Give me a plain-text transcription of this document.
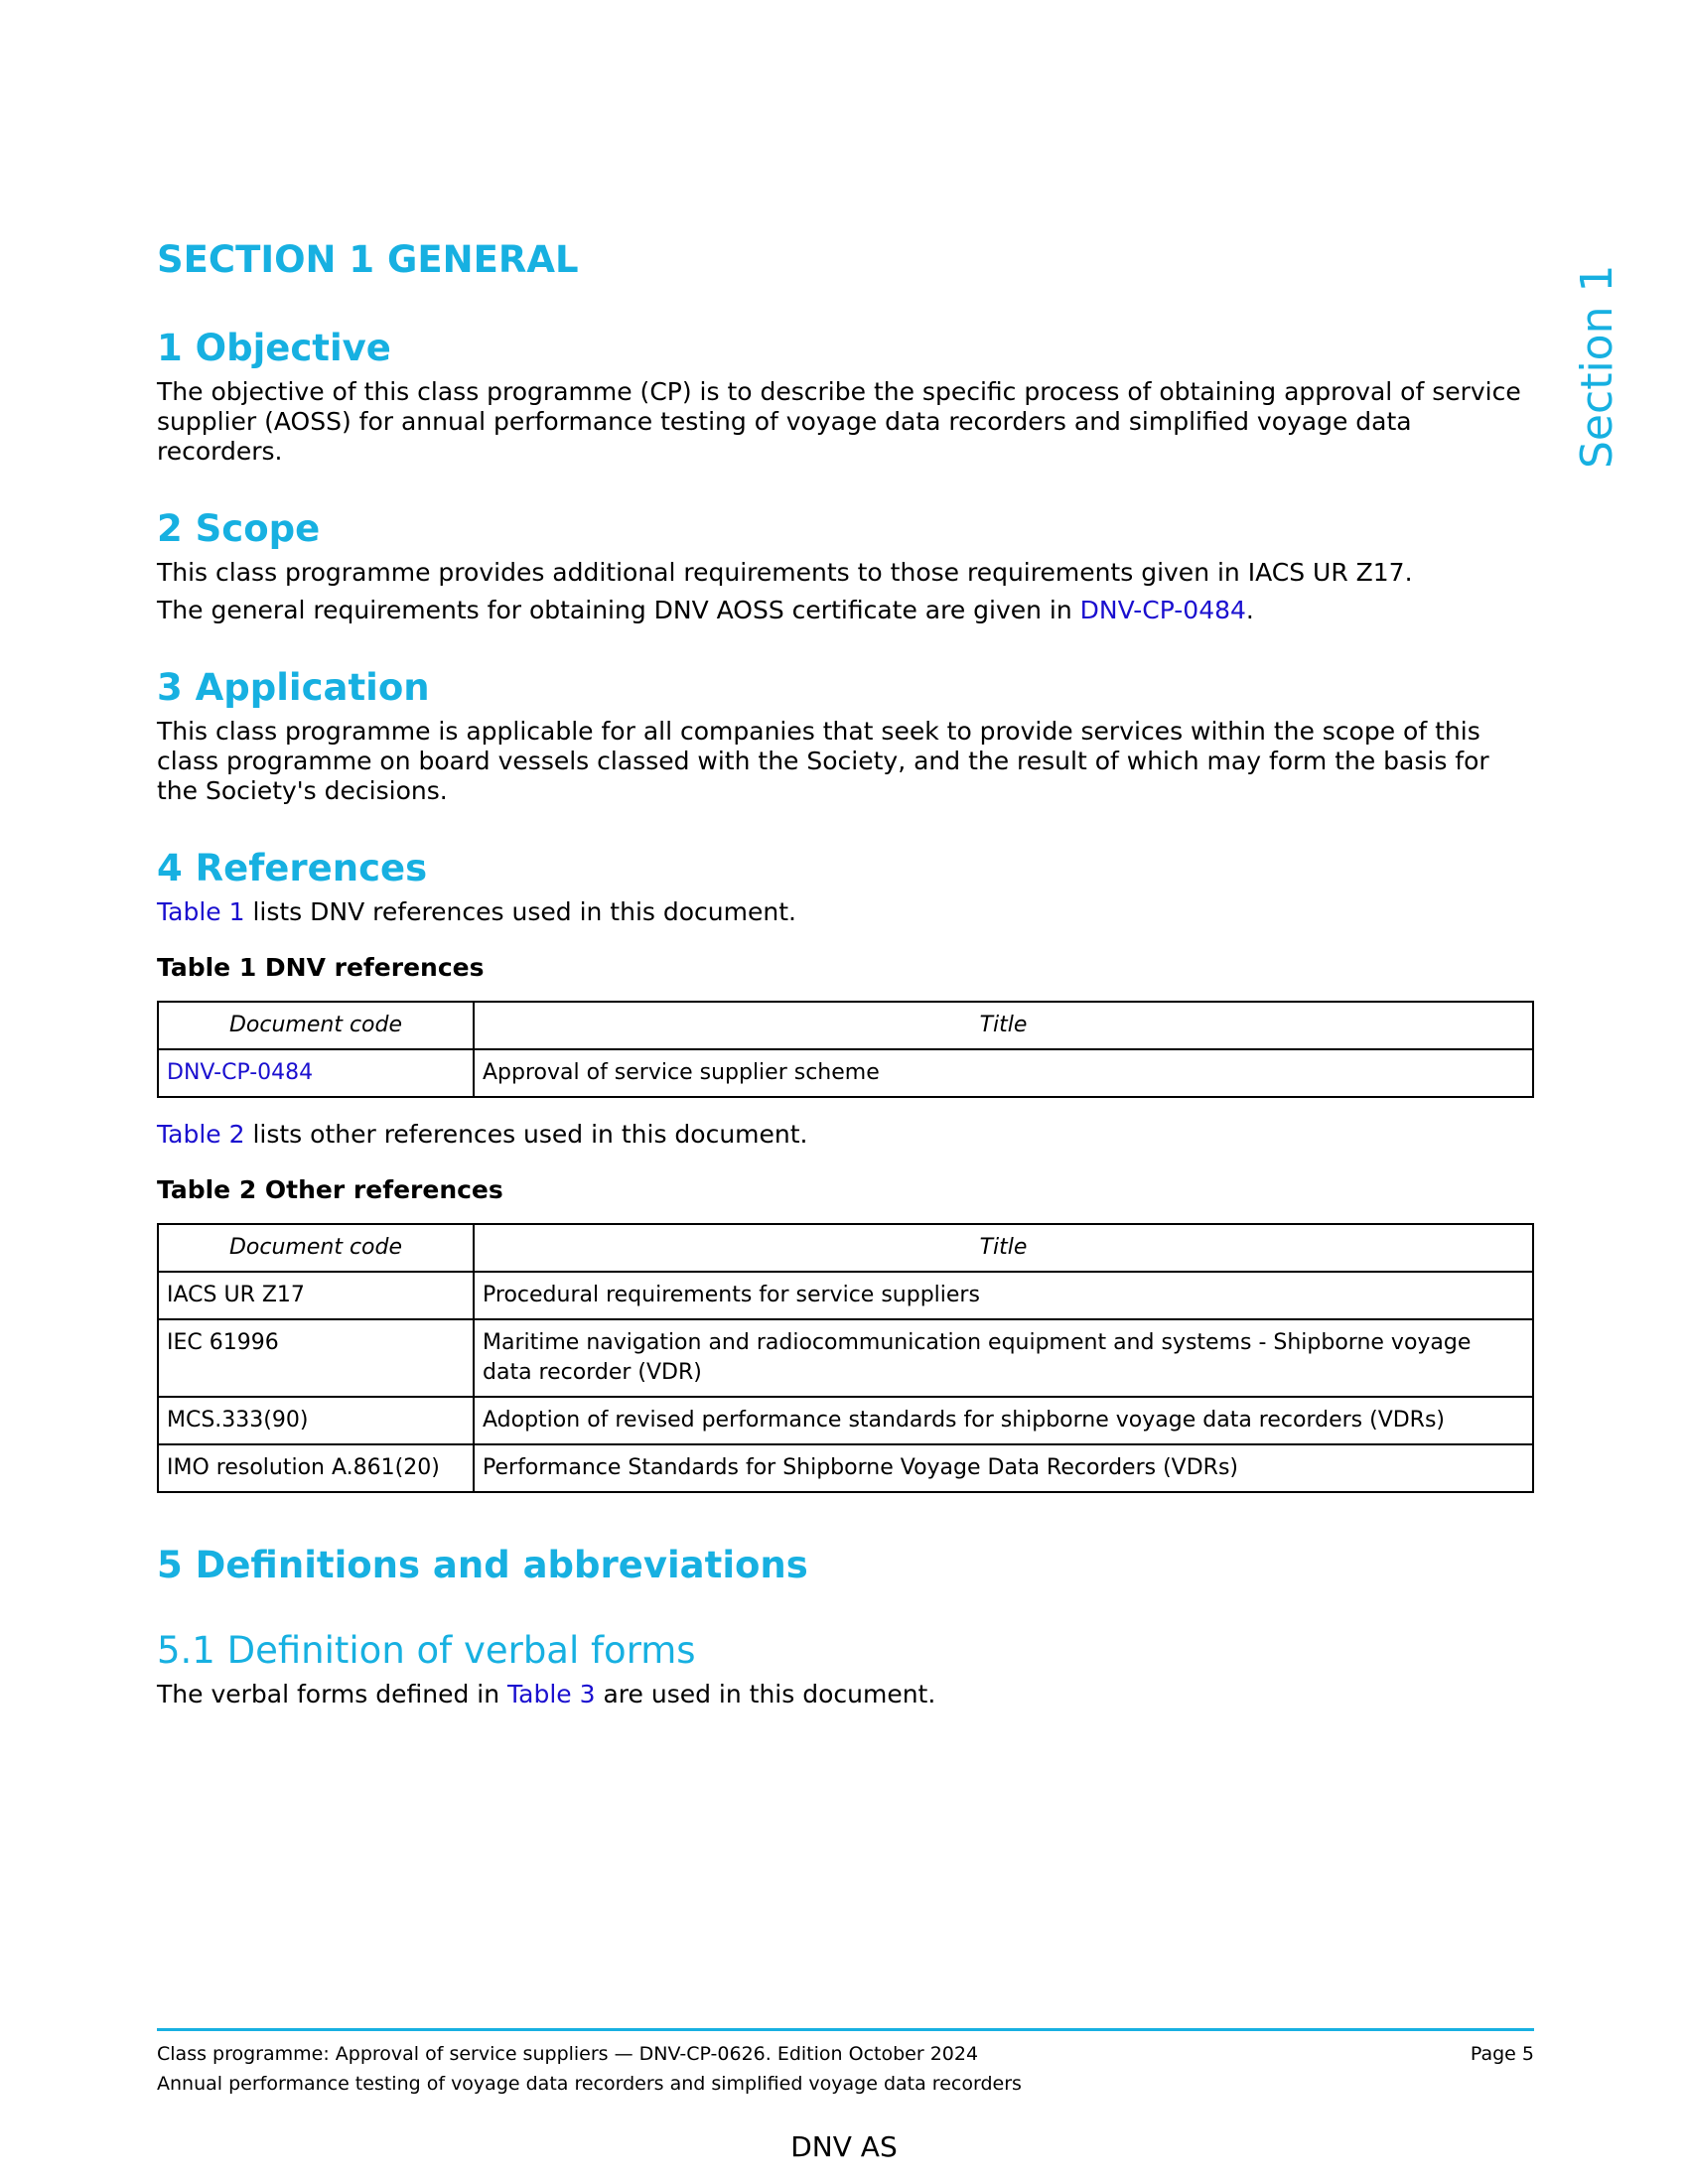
Section 1
SECTION 1 GENERAL
1 Objective

The objective of this class programme (CP) is to describe the specific process of obtaining approval of service supplier (AOSS) for annual performance testing of voyage data recorders and simplified voyage data recorders.

2 Scope

This class programme provides additional requirements to those requirements given in IACS UR Z17.

The general requirements for obtaining DNV AOSS certificate are given in DNV-CP-0484.

3 Application

This class programme is applicable for all companies that seek to provide services within the scope of this class programme on board vessels classed with the Society, and the result of which may form the basis for the Society's decisions.

4 References

Table 1 lists DNV references used in this document.

Table 1 DNV references

Document code	Title
DNV-CP-0484	Approval of service supplier scheme

Table 2 lists other references used in this document.

Table 2 Other references

Document code	Title
IACS UR Z17	Procedural requirements for service suppliers
IEC 61996	Maritime navigation and radiocommunication equipment and systems - Shipborne voyage data recorder (VDR)
MCS.333(90)	Adoption of revised performance standards for shipborne voyage data recorders (VDRs)
IMO resolution A.861(20)	Performance Standards for Shipborne Voyage Data Recorders (VDRs)
5 Definitions and abbreviations
5.1 Definition of verbal forms

The verbal forms defined in Table 3 are used in this document.

Class programme: Approval of service suppliers — DNV-CP-0626. Edition October 2024	Page 5
Annual performance testing of voyage data recorders and simplified voyage data recorders
DNV AS
